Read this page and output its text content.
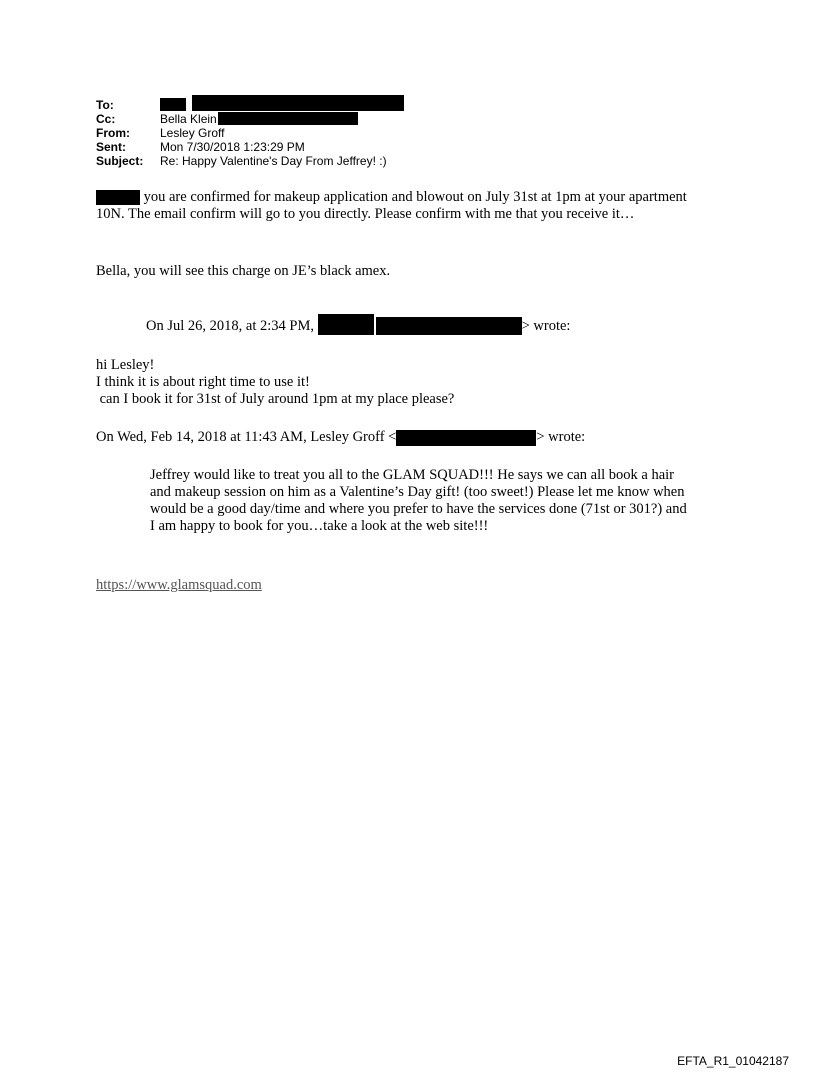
To:
Cc:	Bella Klein
From:	Lesley Groff
Sent:	Mon 7/30/2018 1:23:29 PM
Subject:	Re: Happy Valentine's Day From Jeffrey! :)

you are confirmed for makeup application and blowout on July 31st at 1pm at your apartment 10N. The email confirm will go to you directly. Please confirm with me that you receive it…

Bella, you will see this charge on JE’s black amex.

On Jul 26, 2018, at 2:34 PM,	> wrote:

hi Lesley!

I think it is about right time to use it!

can I book it for 31st of July around 1pm at my place please?

On Wed, Feb 14, 2018 at 11:43 AM, Lesley Groff <	> wrote:

Jeffrey would like to treat you all to the GLAM SQUAD!!! He says we can all book a hair and makeup session on him as a Valentine’s Day gift! (too sweet!) Please let me know when would be a good day/time and where you prefer to have the services done (71st or 301?) and I am happy to book for you…take a look at the web site!!!

https://www.glamsquad.com

EFTA_R1_01042187
